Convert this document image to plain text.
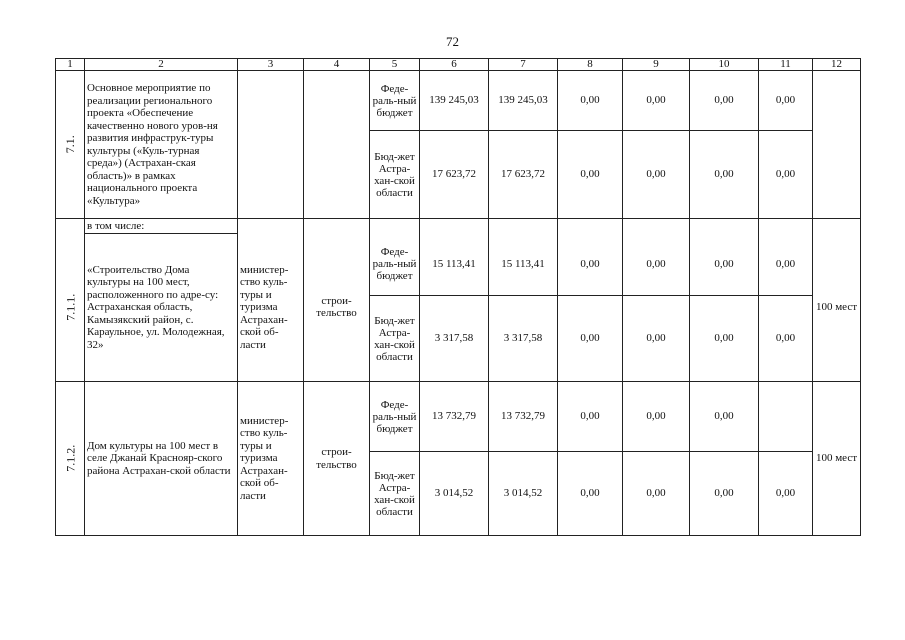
72
1	2	3	4	5	6	7	8	9	10	11	12
7.1.	Основное мероприятие по реализации регионального проекта «Обеспечение качественно нового уров-ня развития инфраструк-туры культуры («Куль-турная среда») (Астрахан-ская область)» в рамках национального проекта «Культура»			Феде-раль-ный бюджет	139 245,03	139 245,03	0,00	0,00	0,00	0,00	
				Бюд-жет Астра-хан-ской области	17 623,72	17 623,72	0,00	0,00	0,00	0,00	
	в том числе:										
7.1.1.	«Строительство Дома культуры на 100 мест, расположенного по адре-су: Астраханская область, Камызякский район, с. Караульное, ул. Молодежная, 32»	министер-ство куль-туры и туризма Астрахан-ской об-ласти	строи-тельство	Феде-раль-ный бюджет	15 113,41	15 113,41	0,00	0,00	0,00	0,00	100 мест
				Бюд-жет Астра-хан-ской области	3 317,58	3 317,58	0,00	0,00	0,00	0,00	
7.1.2.	Дом культуры на 100 мест в селе Джанай Краснояр-ского района Астрахан-ской области	министер-ство куль-туры и туризма Астрахан-ской об-ласти	строи-тельство	Феде-раль-ный бюджет	13 732,79	13 732,79	0,00	0,00	0,00		100 мест
				Бюд-жет Астра-хан-ской области	3 014,52	3 014,52	0,00	0,00	0,00	0,00	
